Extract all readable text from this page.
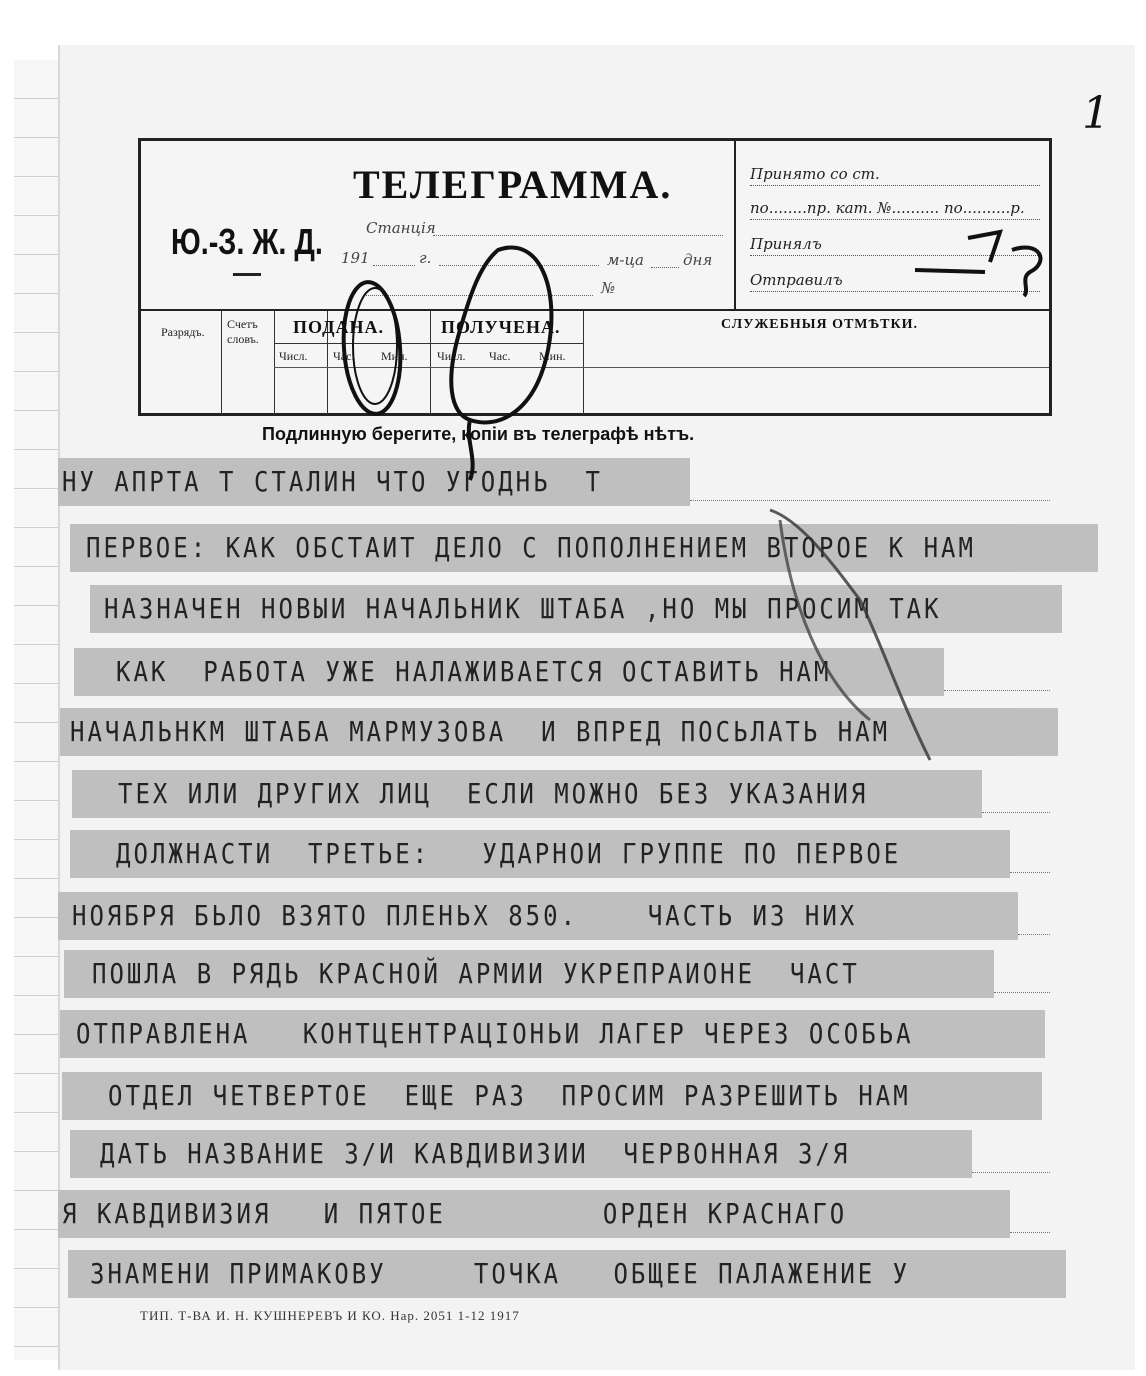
1
ТЕЛЕГРАММА.
Ю.-З. Ж. Д.	Станція
191	г.	м-ца	дня
№
Принято со ст.
по........пр. кат. №.......... по..........р.
Принялъ
Отправилъ
Разрядъ.
Счетъ словъ.
ПОДАНА.	ПОЛУЧЕНА.	СЛУЖЕБНЫЯ ОТМѢТКИ.
Числ. Час. Мин. Числ. Час. Мин.
Подлинную берегите, копіи въ телеграфѣ нѣтъ.
НУ АПРТА Т СТАЛИН ЧТО УГОДНЬ  Т
ПЕРВОЕ: КАК ОБСТАИТ ДЕЛО С ПОПОЛНЕНИЕМ ВТОРОЕ К НАМ
НАЗНАЧЕН НОВЫИ НАЧАЛЬНИК ШТАБА ,НО МЫ ПРОСИМ ТАК
КАК  РАБОТА УЖЕ НАЛАЖИВАЕТСЯ ОСТАВИТЬ НАМ
НАЧАЛЬНКМ ШТАБА МАРМУЗОВА  И ВПРЕД ПОСЬЛАТЬ НАМ
ТЕХ ИЛИ ДРУГИХ ЛИЦ  ЕСЛИ МОЖНО БЕЗ УКАЗАНИЯ
ДОЛЖНАСТИ  ТРЕТЬЕ:   УДАРНОИ ГРУППЕ ПО ПЕРВОЕ
НОЯБРЯ БЬЛО ВЗЯТО ПЛЕНЬХ 850.    ЧАСТЬ ИЗ НИХ
ПОШЛА В РЯДЬ КРАСНОЙ АРМИИ УКРЕПРАИОНЕ  ЧАСТ
ОТПРАВЛЕНА   КОНТЦЕНТРАЦІОНЬИ ЛАГЕР ЧЕРЕЗ ОСОБЬА
ОТДЕЛ ЧЕТВЕРТОЕ  ЕЩЕ РАЗ  ПРОСИМ РАЗРЕШИТЬ НАМ
ДАТЬ НАЗВАНИЕ 3/И КАВДИВИЗИИ  ЧЕРВОННАЯ 3/Я
Я КАВДИВИЗИЯ   И ПЯТОЕ         ОРДЕН КРАСНАГО
ЗНАМЕНИ ПРИМАКОВУ     ТОЧКА   ОБЩЕЕ ПАЛАЖЕНИЕ У
ТИП. Т-ВА И. Н. КУШНЕРЕВЪ И КО. Нар. 2051 1-12 1917
